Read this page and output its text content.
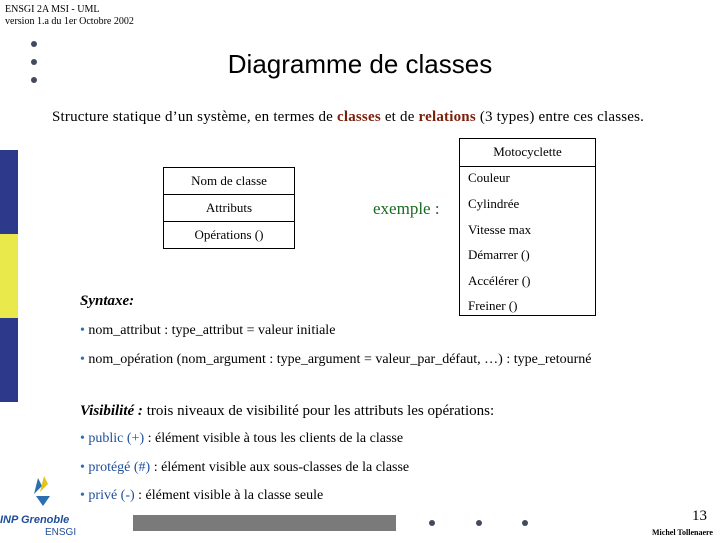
ENSGI 2A MSI - UML
version 1.a du 1er Octobre 2002
Diagramme de classes
Structure statique d’un système, en termes de classes et de relations (3 types) entre ces classes.
Nom de classe
Attributs
Opérations ()
exemple :
Motocyclette
Couleur
Cylindrée
Vitesse max
Démarrer ()
Accélérer ()
Freiner ()
Syntaxe:
• nom_attribut : type_attribut = valeur initiale
• nom_opération (nom_argument : type_argument = valeur_par_défaut, …) : type_retourné
Visibilité : trois niveaux de visibilité pour les attributs les opérations:
• public (+) : élément visible à tous les clients de la classe
• protégé (#) : élément visible aux sous-classes de la classe
• privé (-) : élément visible à la classe seule
INP Grenoble
ENSGI
13
Michel Tollenaere
